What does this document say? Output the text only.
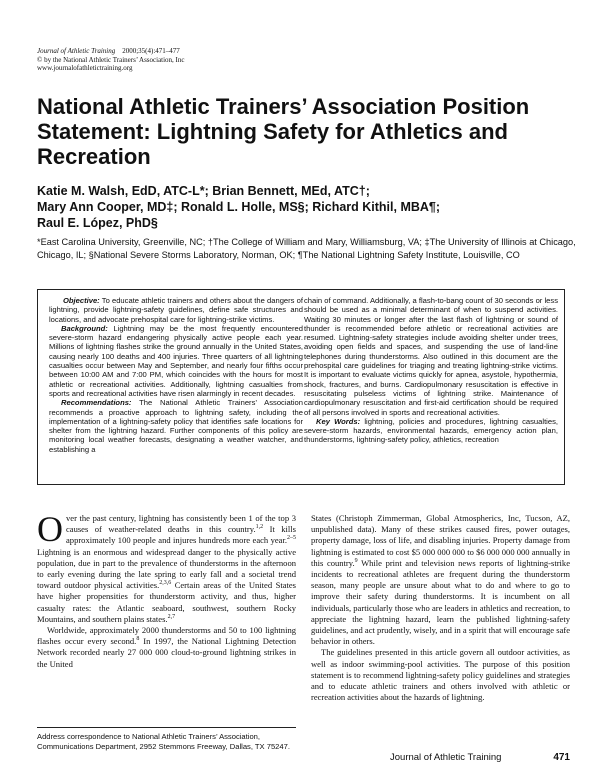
Journal of Athletic Training 2000;35(4):471–477
© by the National Athletic Trainers’ Association, Inc
www.journalofathletictraining.org
National Athletic Trainers’ Association Position Statement: Lightning Safety for Athletics and Recreation
Katie M. Walsh, EdD, ATC-L*; Brian Bennett, MEd, ATC†;
Mary Ann Cooper, MD‡; Ronald L. Holle, MS§; Richard Kithil, MBA¶;
Raul E. López, PhD§
*East Carolina University, Greenville, NC; †The College of William and Mary, Williamsburg, VA; ‡The University of Illinois at Chicago, Chicago, IL; §National Severe Storms Laboratory, Norman, OK; ¶The National Lightning Safety Institute, Louisville, CO

Objective: To educate athletic trainers and others about the dangers of lightning, provide lightning-safety guidelines, define safe structures and locations, and advocate prehospital care for lightning-strike victims.

Background: Lightning may be the most frequently encountered severe-storm hazard endangering physically active people each year. Millions of lightning flashes strike the ground annually in the United States, causing nearly 100 deaths and 400 injuries. Three quarters of all lightning casualties occur between May and September, and nearly four fifths occur between 10:00 AM and 7:00 PM, which coincides with the hours for most athletic or recreational activities. Additionally, lightning casualties from sports and recreational activities have risen alarmingly in recent decades.

Recommendations: The National Athletic Trainers’ Association recommends a proactive approach to lightning safety, including the implementation of a lightning-safety policy that identifies safe locations for shelter from the lightning hazard. Further components of this policy are monitoring local weather forecasts, designating a weather watcher, and establishing a

chain of command. Additionally, a flash-to-bang count of 30 seconds or less should be used as a minimal determinant of when to suspend activities. Waiting 30 minutes or longer after the last flash of lightning or sound of thunder is recommended before athletic or recreational activities are resumed. Lightning-safety strategies include avoiding shelter under trees, avoiding open fields and spaces, and suspending the use of land-line telephones during thunderstorms. Also outlined in this document are the prehospital care guidelines for triaging and treating lightning-strike victims. It is important to evaluate victims quickly for apnea, asystole, hypothermia, shock, fractures, and burns. Cardiopulmonary resuscitation is effective in resuscitating pulseless victims of lightning strike. Maintenance of cardiopulmonary resuscitation and first-aid certification should be required of all persons involved in sports and recreational activities.

Key Words: lightning, policies and procedures, lightning casualties, severe-storm hazards, environmental hazards, emergency action plan, thunderstorms, lightning-safety policy, athletics, recreation

Over the past century, lightning has consistently been 1 of the top 3 causes of weather-related deaths in this country.$^{1,2}$ It kills approximately 100 people and injures hundreds more each year.$^{2-5}$ Lightning is an enormous and widespread danger to the physically active population, due in part to the prevalence of thunderstorms in the afternoon to early evening during the late spring to early fall and a societal trend toward outdoor physical activities.$^{2,3,6}$ Certain areas of the United States have higher propensities for thunderstorm activity, and thus, higher casualty rates: the Atlantic seaboard, southwest, southern Rocky Mountains, and southern plains states.$^{2,7}$

Worldwide, approximately 2000 thunderstorms and 50 to 100 lightning flashes occur every second.$^8$ In 1997, the National Lightning Detection Network recorded nearly 27 000 000 cloud-to-ground lightning strikes in the United

States (Christoph Zimmerman, Global Atmospherics, Inc, Tucson, AZ, unpublished data). Many of these strikes caused fires, power outages, property damage, loss of life, and disabling injuries. Property damage from lightning is estimated to cost $5 000 000 000 to $6 000 000 000 annually in this country.$^9$ While print and television news reports of lightning-strike incidents to recreational athletes are frequent during the thunderstorm season, many people are unsure about what to do and where to go to improve their safety during thunderstorms. It is incumbent on all individuals, particularly those who are leaders in athletics and recreation, to appreciate the lightning hazard, learn the published lightning-safety guidelines, and act prudently, wisely, and in a spirit that will encourage safe behavior in others.

The guidelines presented in this article govern all outdoor activities, as well as indoor swimming-pool activities. The purpose of this position statement is to recommend lightning-safety policy guidelines and strategies and to educate athletic trainers and others involved with athletic or recreation activities about the hazards of lightning.

Address correspondence to National Athletic Trainers’ Association, Communications Department, 2952 Stemmons Freeway, Dallas, TX 75247.
Journal of Athletic Training	471
